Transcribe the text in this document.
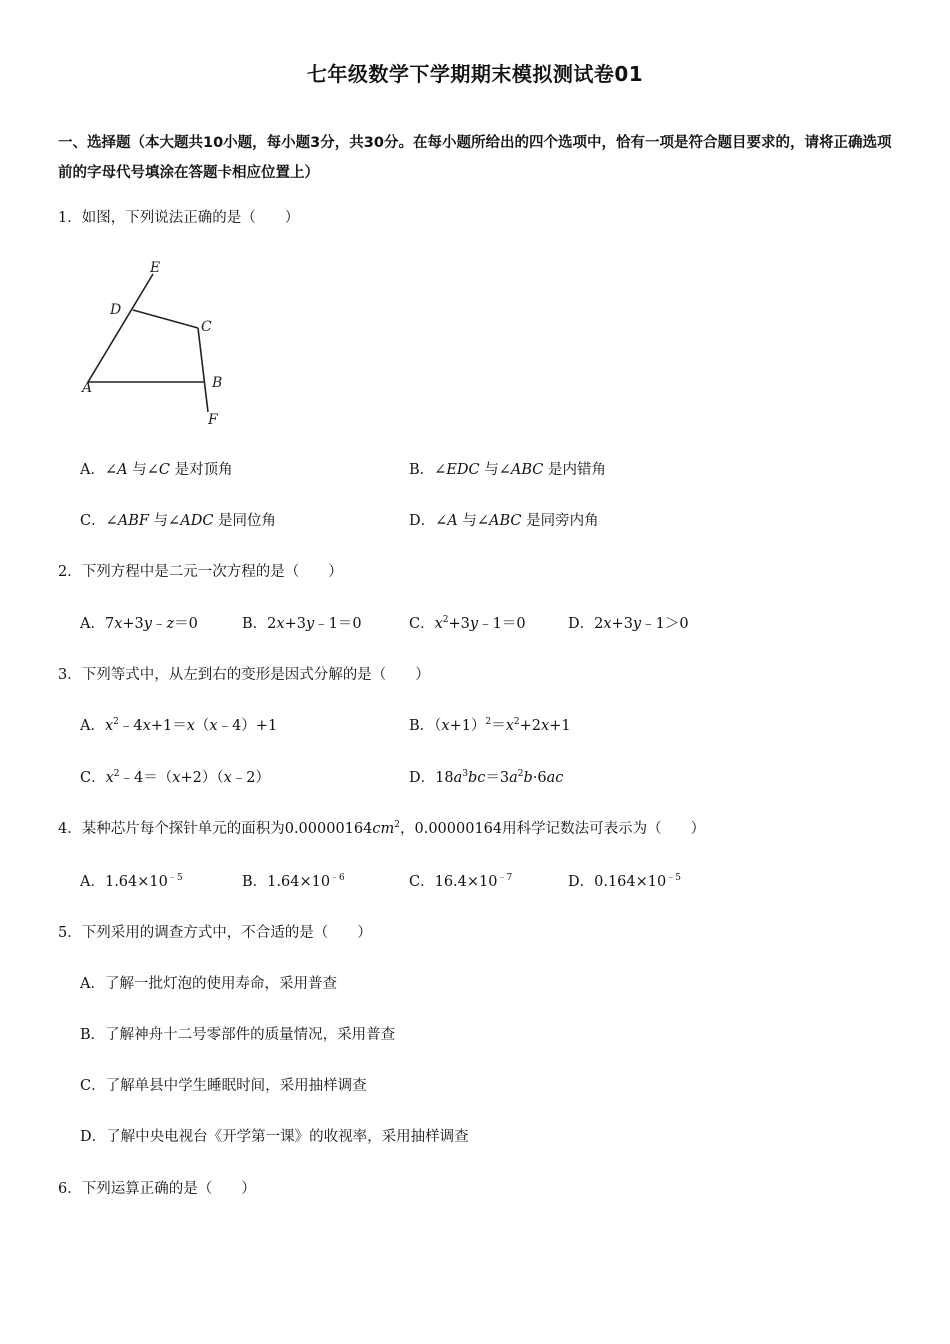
七年级数学下学期期末模拟测试卷01
一、选择题（本大题共10小题，每小题3分，共30分。在每小题所给出的四个选项中，恰有一项是符合题目要求的，请将正确选项前的字母代号填涂在答题卡相应位置上）
1．如图，下列说法正确的是（　　）
E
D
C
A	B
F
A．∠A 与∠C 是对顶角	B．∠EDC 与∠ABC 是内错角
C．∠ABF 与∠ADC 是同位角	D．∠A 与∠ABC 是同旁内角
2．下列方程中是二元一次方程的是（　　）
A．7x+3y﹣z＝0	B．2x+3y﹣1＝0	C．$x^2+3y﹣1=0$	D．2x+3y﹣1＞0
3．下列等式中，从左到右的变形是因式分解的是（　　）
A．$x^2﹣4x+1=x(x﹣4)+1$	B．$(x+1)^2=x^2+2x+1$
C．$x^2﹣4=(x+2)(x﹣2)$	D．$18a^3bc=3a^2b\cdot 6ac$
4．某种芯片每个探针单元的面积为$0.00000164cm^2$，0.00000164用科学记数法可表示为（　　）
A．$1.64\times 10^{﹣5}$	B．$1.64\times 10^{﹣6}$	C．$16.4\times 10^{﹣7}$	D．$0.164\times 10^{﹣5}$
5．下列采用的调查方式中，不合适的是（　　）
A．了解一批灯泡的使用寿命，采用普查
B．了解神舟十二号零部件的质量情况，采用普查
C．了解单县中学生睡眠时间，采用抽样调查
D．了解中央电视台《开学第一课》的收视率，采用抽样调查
6．下列运算正确的是（　　）
